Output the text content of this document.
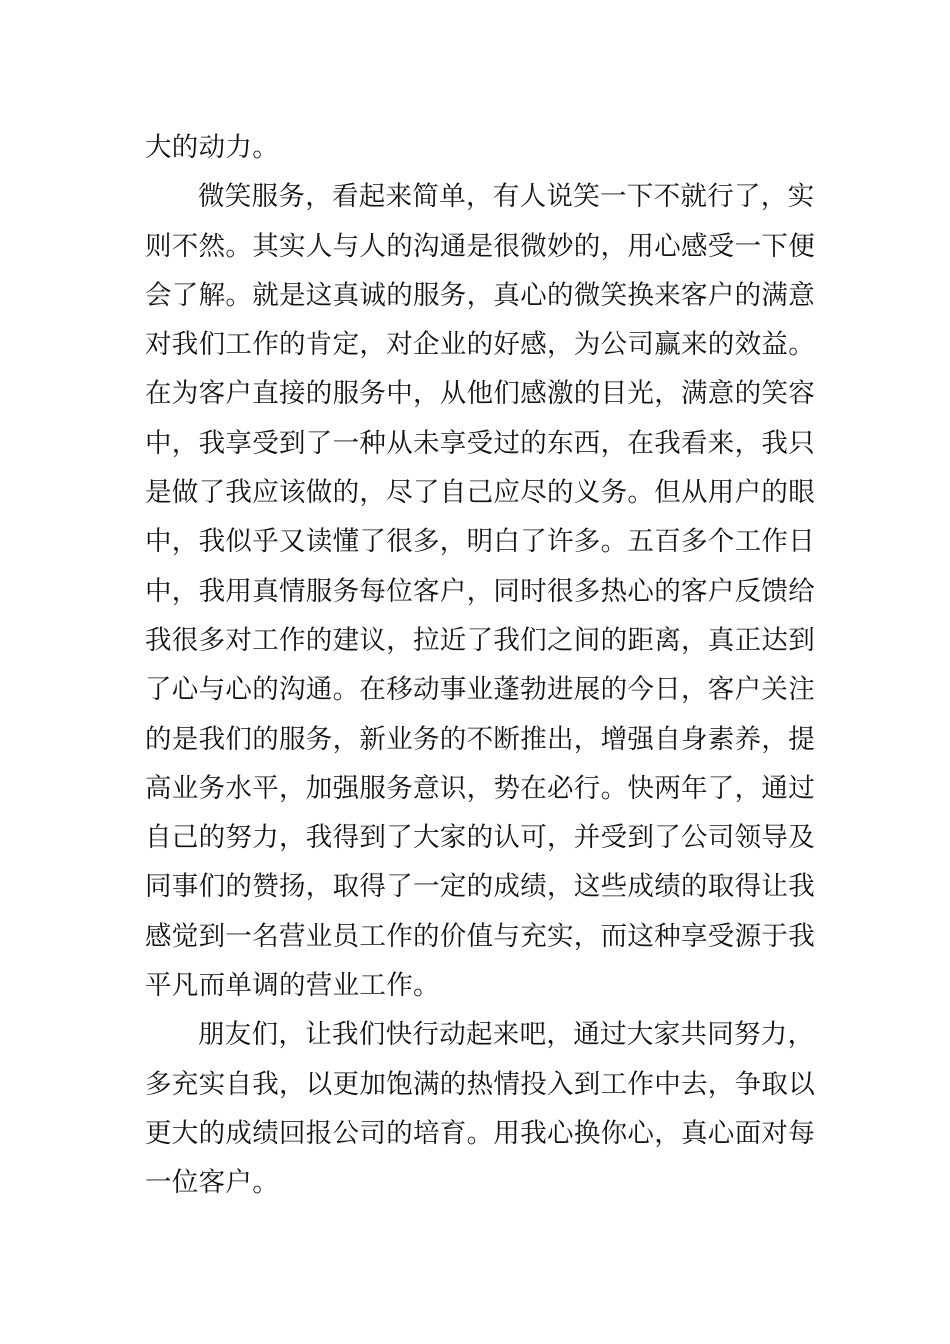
大的动力。
微笑服务，看起来简单，有人说笑一下不就行了，实
则不然。其实人与人的沟通是很微妙的，用心感受一下便
会了解。就是这真诚的服务，真心的微笑换来客户的满意
对我们工作的肯定，对企业的好感，为公司赢来的效益。
在为客户直接的服务中，从他们感激的目光，满意的笑容
中，我享受到了一种从未享受过的东西，在我看来，我只
是做了我应该做的，尽了自己应尽的义务。但从用户的眼
中，我似乎又读懂了很多，明白了许多。五百多个工作日
中，我用真情服务每位客户，同时很多热心的客户反馈给
我很多对工作的建议，拉近了我们之间的距离，真正达到
了心与心的沟通。在移动事业蓬勃进展的今日，客户关注
的是我们的服务，新业务的不断推出，增强自身素养，提
高业务水平，加强服务意识，势在必行。快两年了，通过
自己的努力，我得到了大家的认可，并受到了公司领导及
同事们的赞扬，取得了一定的成绩，这些成绩的取得让我
感觉到一名营业员工作的价值与充实，而这种享受源于我
平凡而单调的营业工作。
朋友们，让我们快行动起来吧，通过大家共同努力，
多充实自我，以更加饱满的热情投入到工作中去，争取以
更大的成绩回报公司的培育。用我心换你心，真心面对每
一位客户。
